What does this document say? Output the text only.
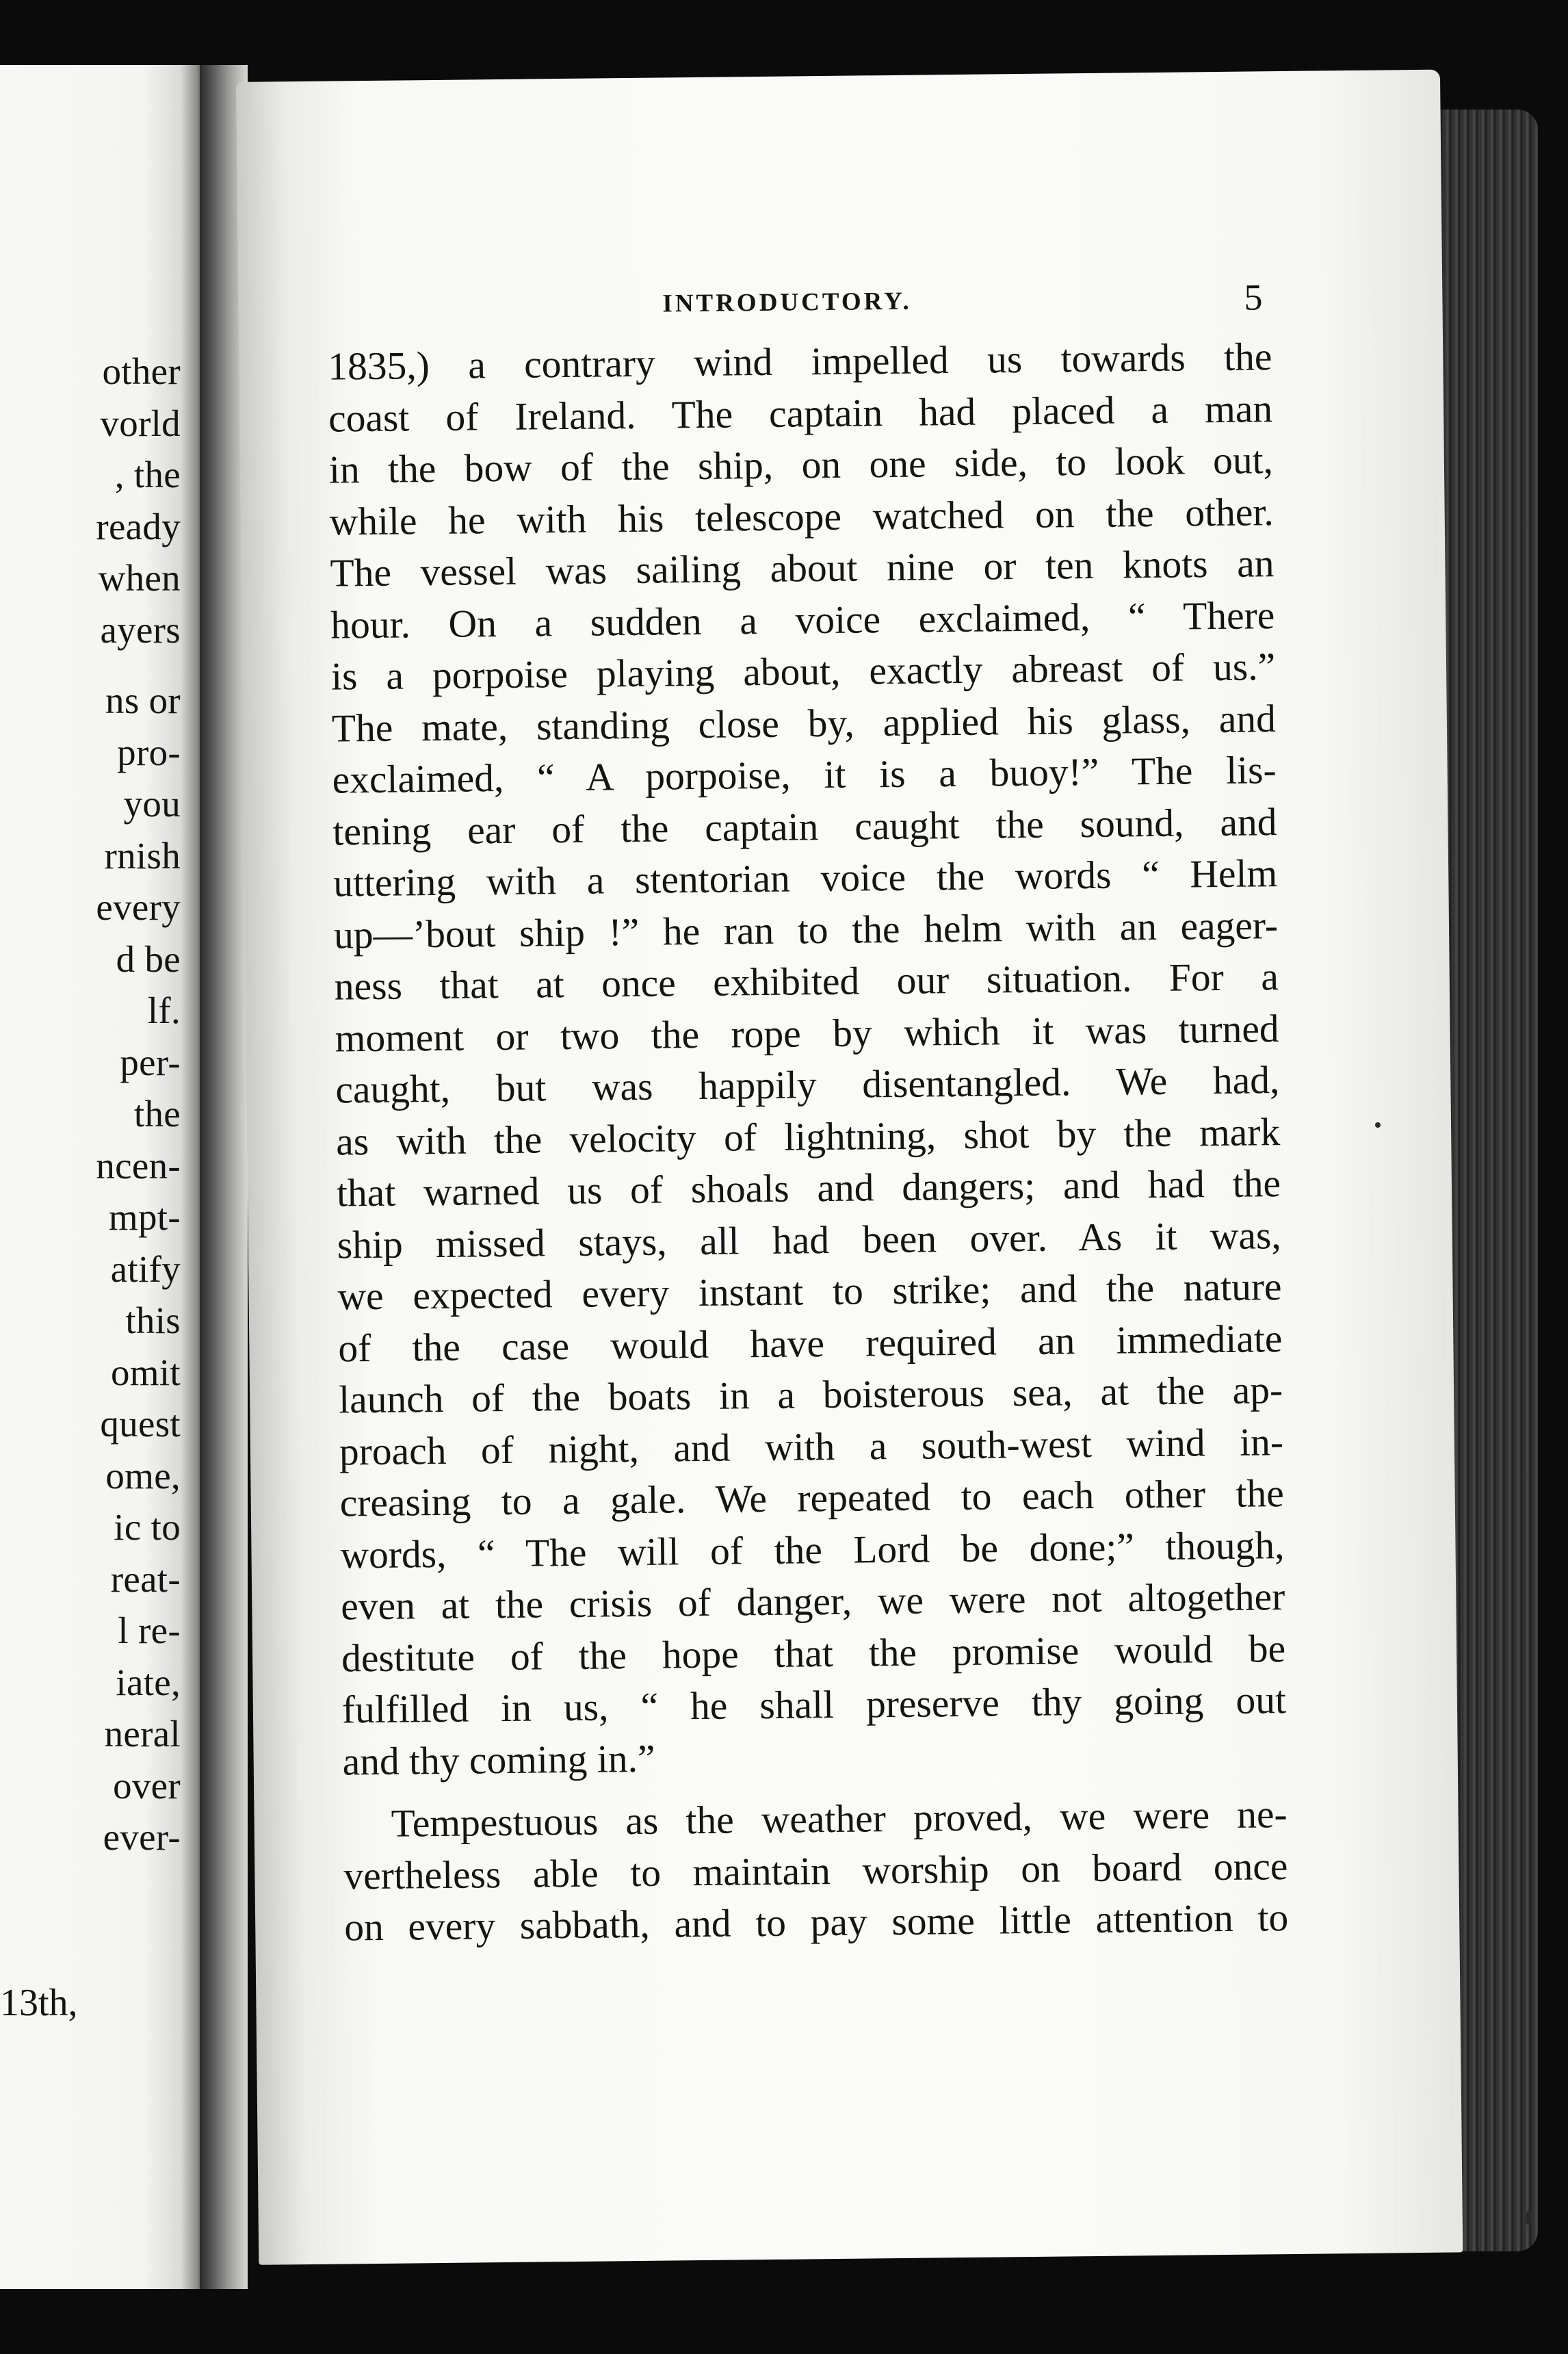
other
vorld
, the
ready
when
ayers
ns or
pro-
you
rnish
every
d be
lf.
per-
the
ncen-
mpt-
atify
this
omit
quest
ome,
ic to
reat-
l re-
iate,
neral
over
ever-
13th,
INTRODUCTORY.	5
1835,) a contrary wind impelled us towards the
coast of Ireland. The captain had placed a man
in the bow of the ship, on one side, to look out,
while he with his telescope watched on the other.
The vessel was sailing about nine or ten knots an
hour. On a sudden a voice exclaimed, “ There
is a porpoise playing about, exactly abreast of us.”
The mate, standing close by, applied his glass, and
exclaimed, “ A porpoise, it is a buoy!” The lis-
tening ear of the captain caught the sound, and
uttering with a stentorian voice the words “ Helm
up—’bout ship !” he ran to the helm with an eager-
ness that at once exhibited our situation. For a
moment or two the rope by which it was turned
caught, but was happily disentangled. We had,
as with the velocity of lightning, shot by the mark
that warned us of shoals and dangers; and had the
ship missed stays, all had been over. As it was,
we expected every instant to strike; and the nature
of the case would have required an immediate
launch of the boats in a boisterous sea, at the ap-
proach of night, and with a south-west wind in-
creasing to a gale. We repeated to each other the
words, “ The will of the Lord be done;” though,
even at the crisis of danger, we were not altogether
destitute of the hope that the promise would be
fulfilled in us, “ he shall preserve thy going out
and thy coming in.”
Tempestuous as the weather proved, we were ne-
vertheless able to maintain worship on board once
on every sabbath, and to pay some little attention to
